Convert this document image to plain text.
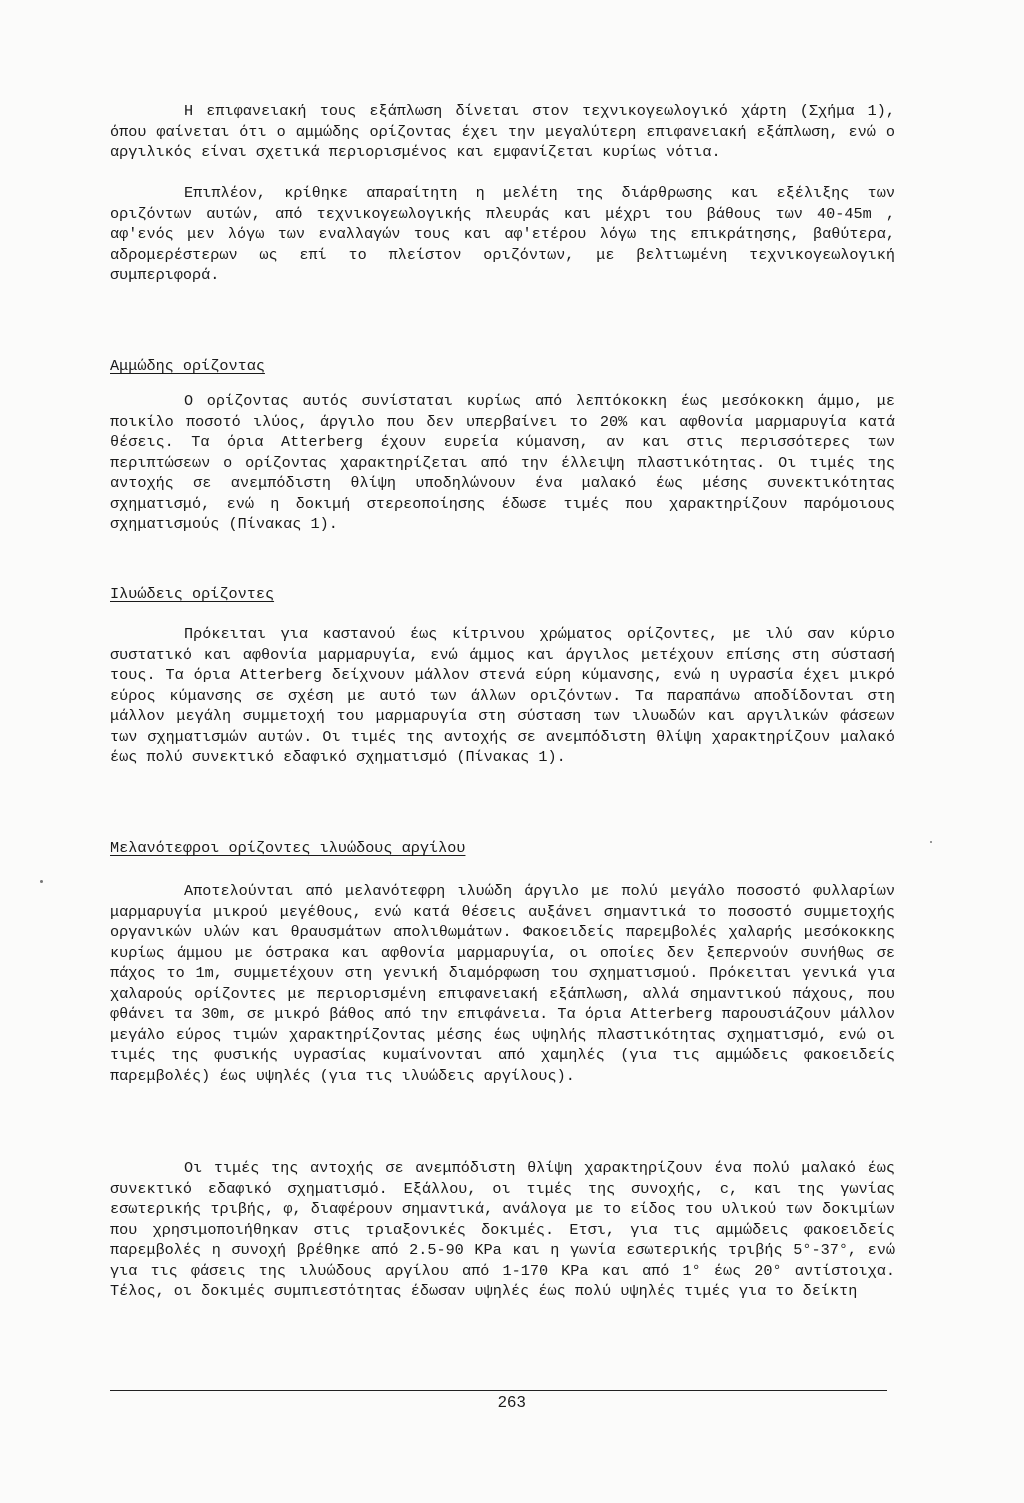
Η επιφανειακή τους εξάπλωση δίνεται στον τεχνικογεωλογικό χάρτη (Σχήμα 1), όπου φαίνεται ότι ο αμμώδης ορίζοντας έχει την μεγαλύτερη επιφανειακή εξάπλωση, ενώ ο αργιλικός είναι σχετικά περιορισμένος και εμφανίζεται κυρίως νότια.

Επιπλέον, κρίθηκε απαραίτητη η μελέτη της διάρθρωσης και εξέλιξης των οριζόντων αυτών, από τεχνικογεωλογικής πλευράς και μέχρι του βάθους των 40-45m , αφ'ενός μεν λόγω των εναλλαγών τους και αφ'ετέρου λόγω της επικράτησης, βαθύτερα, αδρομερέστερων ως επί το πλείστον οριζόντων, με βελτιωμένη τεχνικογεωλογική συμπεριφορά.

Αμμώδης ορίζοντας

Ο ορίζοντας αυτός συνίσταται κυρίως από λεπτόκοκκη έως μεσόκοκκη άμμο, με ποικίλο ποσοτό ιλύος, άργιλο που δεν υπερβαίνει το 20% και αφθονία μαρμαρυγία κατά θέσεις. Τα όρια Atterberg έχουν ευρεία κύμανση, αν και στις περισσότερες των περιπτώσεων ο ορίζοντας χαρακτηρίζεται από την έλλειψη πλαστικότητας. Οι τιμές της αντοχής σε ανεμπόδιστη θλίψη υποδηλώνουν ένα μαλακό έως μέσης συνεκτικότητας σχηματισμό, ενώ η δοκιμή στερεοποίησης έδωσε τιμές που χαρακτηρίζουν παρόμοιους σχηματισμούς (Πίνακας 1).

Ιλυώδεις ορίζοντες

Πρόκειται για καστανού έως κίτρινου χρώματος ορίζοντες, με ιλύ σαν κύριο συστατικό και αφθονία μαρμαρυγία, ενώ άμμος και άργιλος μετέχουν επίσης στη σύστασή τους. Τα όρια Atterberg δείχνουν μάλλον στενά εύρη κύμανσης, ενώ η υγρασία έχει μικρό εύρος κύμανσης σε σχέση με αυτό των άλλων οριζόντων. Τα παραπάνω αποδίδονται στη μάλλον μεγάλη συμμετοχή του μαρμαρυγία στη σύσταση των ιλυωδών και αργιλικών φάσεων των σχηματισμών αυτών. Οι τιμές της αντοχής σε ανεμπόδιστη θλίψη χαρακτηρίζουν μαλακό έως πολύ συνεκτικό εδαφικό σχηματισμό (Πίνακας 1).

Μελανότεφροι ορίζοντες ιλυώδους αργίλου

Αποτελούνται από μελανότεφρη ιλυώδη άργιλο με πολύ μεγάλο ποσοστό φυλλαρίων μαρμαρυγία μικρού μεγέθους, ενώ κατά θέσεις αυξάνει σημαντικά το ποσοστό συμμετοχής οργανικών υλών και θραυσμάτων απολιθωμάτων. Φακοειδείς παρεμβολές χαλαρής μεσόκοκκης κυρίως άμμου με όστρακα και αφθονία μαρμαρυγία, οι οποίες δεν ξεπερνούν συνήθως σε πάχος το 1m, συμμετέχουν στη γενική διαμόρφωση του σχηματισμού. Πρόκειται γενικά για χαλαρούς ορίζοντες με περιορισμένη επιφανειακή εξάπλωση, αλλά σημαντικού πάχους, που φθάνει τα 30m, σε μικρό βάθος από την επιφάνεια. Τα όρια Atterberg παρουσιάζουν μάλλον μεγάλο εύρος τιμών χαρακτηρίζοντας μέσης έως υψηλής πλαστικότητας σχηματισμό, ενώ οι τιμές της φυσικής υγρασίας κυμαίνονται από χαμηλές (για τις αμμώδεις φακοειδείς παρεμβολές) έως υψηλές (για τις ιλυώδεις αργίλους).

Οι τιμές της αντοχής σε ανεμπόδιστη θλίψη χαρακτηρίζουν ένα πολύ μαλακό έως συνεκτικό εδαφικό σχηματισμό. Εξάλλου, οι τιμές της συνοχής, c, και της γωνίας εσωτερικής τριβής, φ, διαφέρουν σημαντικά, ανάλογα με το είδος του υλικού των δοκιμίων που χρησιμοποιήθηκαν στις τριαξονικές δοκιμές. Ετσι, για τις αμμώδεις φακοειδείς παρεμβολές η συνοχή βρέθηκε από 2.5-90 KPa και η γωνία εσωτερικής τριβής 5°-37°, ενώ για τις φάσεις της ιλυώδους αργίλου από 1-170 KPa και από 1° έως 20° αντίστοιχα. Τέλος, οι δοκιμές συμπιεστότητας έδωσαν υψηλές έως πολύ υψηλές τιμές για το δείκτη

263
